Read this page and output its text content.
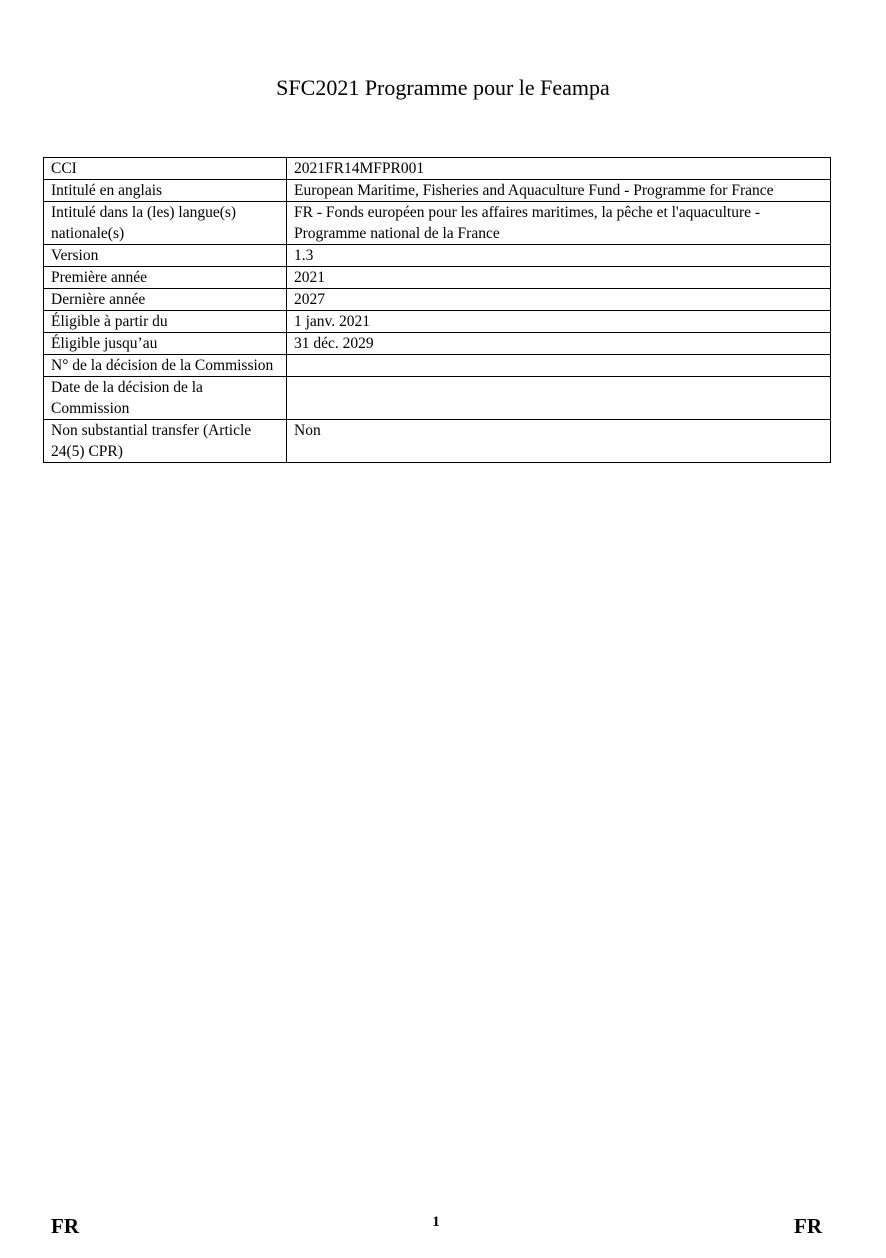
SFC2021 Programme pour le Feampa
CCI	2021FR14MFPR001
Intitulé en anglais	European Maritime, Fisheries and Aquaculture Fund - Programme for France
Intitulé dans la (les) langue(s) nationale(s)	FR - Fonds européen pour les affaires maritimes, la pêche et l'aquaculture - Programme national de la France
Version	1.3
Première année	2021
Dernière année	2027
Éligible à partir du	1 janv. 2021
Éligible jusqu’au	31 déc. 2029
N° de la décision de la Commission	
Date de la décision de la Commission	
Non substantial transfer (Article 24(5) CPR)	Non
FR	1	FR
